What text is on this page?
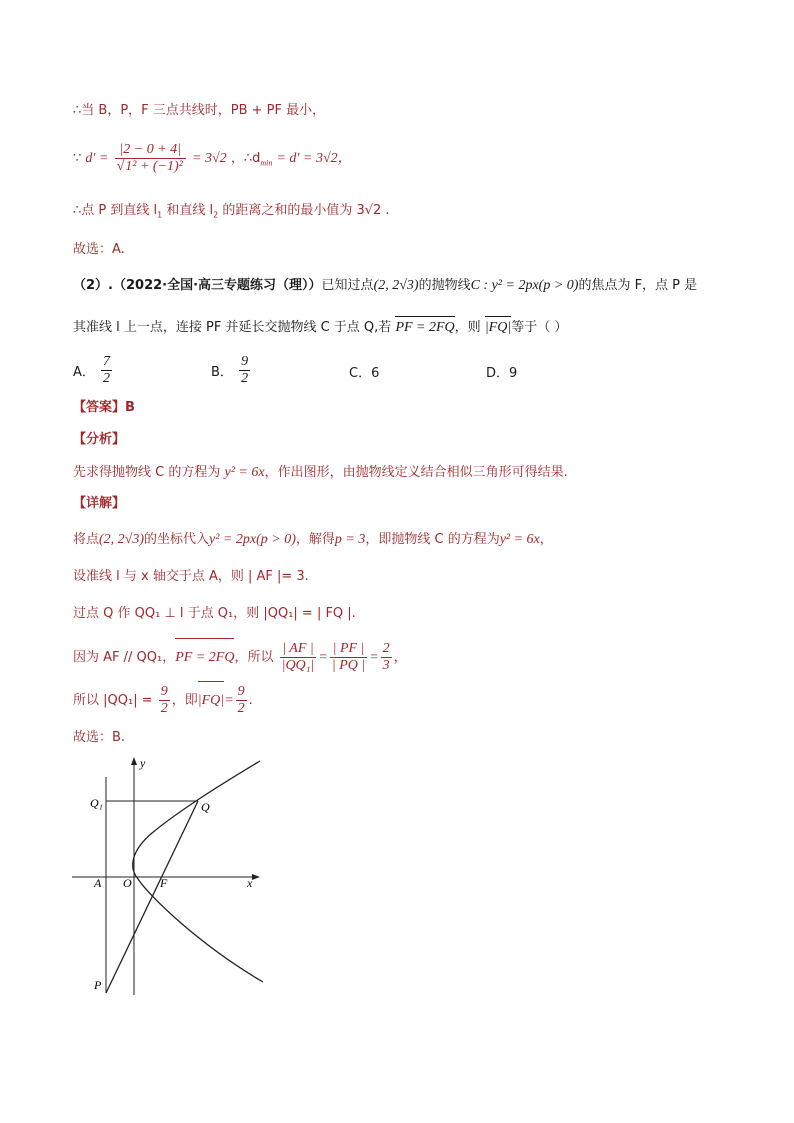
∴当 B，P，F 三点共线时，PB + PF 最小，
∵ $d' = \frac{|2 - 0 + 4|}{\text{√1² + (−1)²}} = 3√2$ ，$\therefore d_{min} = d' = 3√2$，
∴点 P 到直线 $l_1$ 和直线 $l_2$ 的距离之和的最小值为 3√2 .
故选：A.
（2）.（2022·全国·高三专题练习（理））已知过点(2, 2√3)的抛物线C : y² = 2px(p > 0)的焦点为 F，点 P 是
其准线 l 上一点，连接 PF 并延长交抛物线 C 于点 Q,若 PF = 2FQ，则 |FQ|等于（ ）
A． $\frac{7}{2}$	B． $\frac{9}{2}$	C．6	D．9
【答案】B
【分析】
先求得抛物线 C 的方程为 y² = 6x，作出图形，由抛物线定义结合相似三角形可得结果.
【详解】
将点(2, 2√3)的坐标代入y² = 2px(p > 0)，解得p = 3，即抛物线 C 的方程为y² = 6x，
设准线 l 与 x 轴交于点 A，则 | AF |= 3.
过点 Q 作 QQ₁ ⊥ l 于点 Q₁，则 |QQ₁| = | FQ |.
因为 AF // QQ₁，PF = 2FQ，所以 $\frac{| AF |}{\text{|QQ₁|}} = \frac{| PF |}{| PQ |} = \frac{2}{3}$ ，
所以 $|QQ_1| = \frac{9}{2}$ ，即$|FQ|= \frac{9}{2}$ .
故选：B.
y
x
O
A	F
Q
Q₁
P
